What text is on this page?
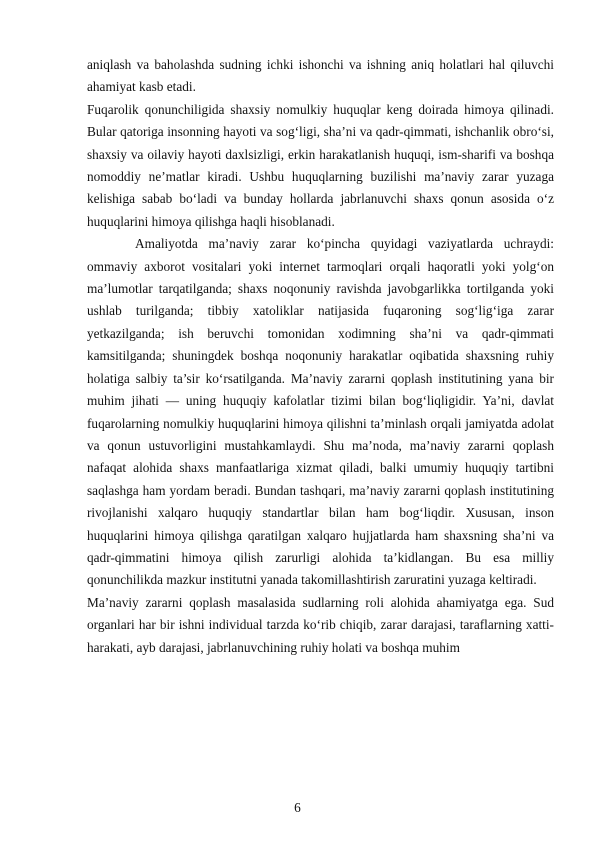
aniqlash va baholashda sudning ichki ishonchi va ishning aniq holatlari hal qiluvchi ahamiyat kasb etadi.

Fuqarolik qonunchiligida shaxsiy nomulkiy huquqlar keng doirada himoya qilinadi. Bular qatoriga insonning hayoti va sog‘ligi, sha’ni va qadr-qimmati, ishchanlik obro‘si, shaxsiy va oilaviy hayoti daxlsizligi, erkin harakatlanish huquqi, ism-sharifi va boshqa nomoddiy ne’matlar kiradi. Ushbu huquqlarning buzilishi ma’naviy zarar yuzaga kelishiga sabab bo‘ladi va bunday hollarda jabrlanuvchi shaxs qonun asosida o‘z huquqlarini himoya qilishga haqli hisoblanadi.

Amaliyotda ma’naviy zarar ko‘pincha quyidagi vaziyatlarda uchraydi: ommaviy axborot vositalari yoki internet tarmoqlari orqali haqoratli yoki yolg‘on ma’lumotlar tarqatilganda; shaxs noqonuniy ravishda javobgarlikka tortilganda yoki ushlab turilganda; tibbiy xatoliklar natijasida fuqaroning sog‘lig‘iga zarar yetkazilganda; ish beruvchi tomonidan xodimning sha’ni va qadr-qimmati kamsitilganda; shuningdek boshqa noqonuniy harakatlar oqibatida shaxsning ruhiy holatiga salbiy ta’sir ko‘rsatilganda. Ma’naviy zararni qoplash institutining yana bir muhim jihati — uning huquqiy kafolatlar tizimi bilan bog‘liqligidir. Ya’ni, davlat fuqarolarning nomulkiy huquqlarini himoya qilishni ta’minlash orqali jamiyatda adolat va qonun ustuvorligini mustahkamlaydi. Shu ma’noda, ma’naviy zararni qoplash nafaqat alohida shaxs manfaatlariga xizmat qiladi, balki umumiy huquqiy tartibni saqlashga ham yordam beradi. Bundan tashqari, ma’naviy zararni qoplash institutining rivojlanishi xalqaro huquqiy standartlar bilan ham bog‘liqdir. Xususan, inson huquqlarini himoya qilishga qaratilgan xalqaro hujjatlarda ham shaxsning sha’ni va qadr-qimmatini himoya qilish zarurligi alohida ta’kidlangan. Bu esa milliy qonunchilikda mazkur institutni yanada takomillashtirish zaruratini yuzaga keltiradi.

Ma’naviy zararni qoplash masalasida sudlarning roli alohida ahamiyatga ega. Sud organlari har bir ishni individual tarzda ko‘rib chiqib, zarar darajasi, taraflarning xatti-harakati, ayb darajasi, jabrlanuvchining ruhiy holati va boshqa muhim

6
